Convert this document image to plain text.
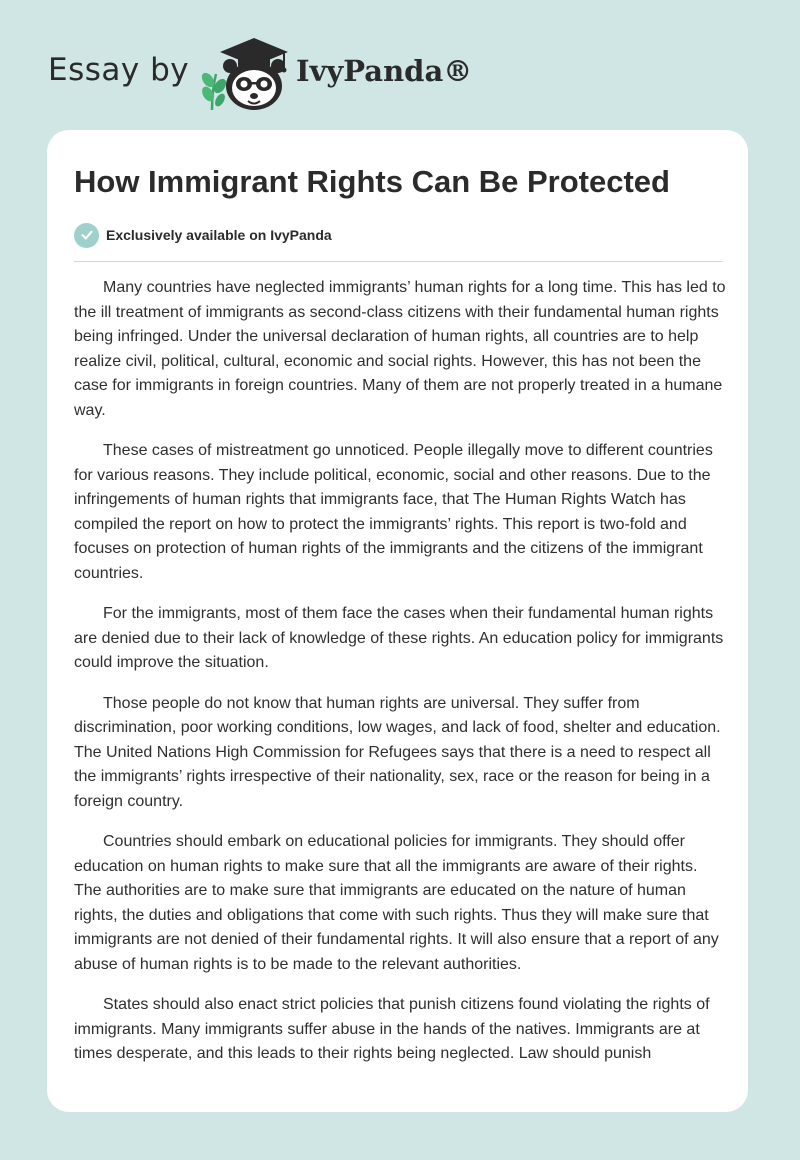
Essay by	IvyPanda®
How Immigrant Rights Can Be Protected
Exclusively available on IvyPanda

Many countries have neglected immigrants’ human rights for a long time. This has led to the ill treatment of immigrants as second-class citizens with their fundamental human rights being infringed. Under the universal declaration of human rights, all countries are to help realize civil, political, cultural, economic and social rights. However, this has not been the case for immigrants in foreign countries. Many of them are not properly treated in a humane way.

These cases of mistreatment go unnoticed. People illegally move to different countries for various reasons. They include political, economic, social and other reasons. Due to the infringements of human rights that immigrants face, that The Human Rights Watch has compiled the report on how to protect the immigrants’ rights. This report is two-fold and focuses on protection of human rights of the immigrants and the citizens of the immigrant countries.

For the immigrants, most of them face the cases when their fundamental human rights are denied due to their lack of knowledge of these rights. An education policy for immigrants could improve the situation.

Those people do not know that human rights are universal. They suffer from discrimination, poor working conditions, low wages, and lack of food, shelter and education. The United Nations High Commission for Refugees says that there is a need to respect all the immigrants’ rights irrespective of their nationality, sex, race or the reason for being in a foreign country.

Countries should embark on educational policies for immigrants. They should offer education on human rights to make sure that all the immigrants are aware of their rights. The authorities are to make sure that immigrants are educated on the nature of human rights, the duties and obligations that come with such rights. Thus they will make sure that immigrants are not denied of their fundamental rights. It will also ensure that a report of any abuse of human rights is to be made to the relevant authorities.

States should also enact strict policies that punish citizens found violating the rights of immigrants. Many immigrants suffer abuse in the hands of the natives. Immigrants are at times desperate, and this leads to their rights being neglected. Law should punish
